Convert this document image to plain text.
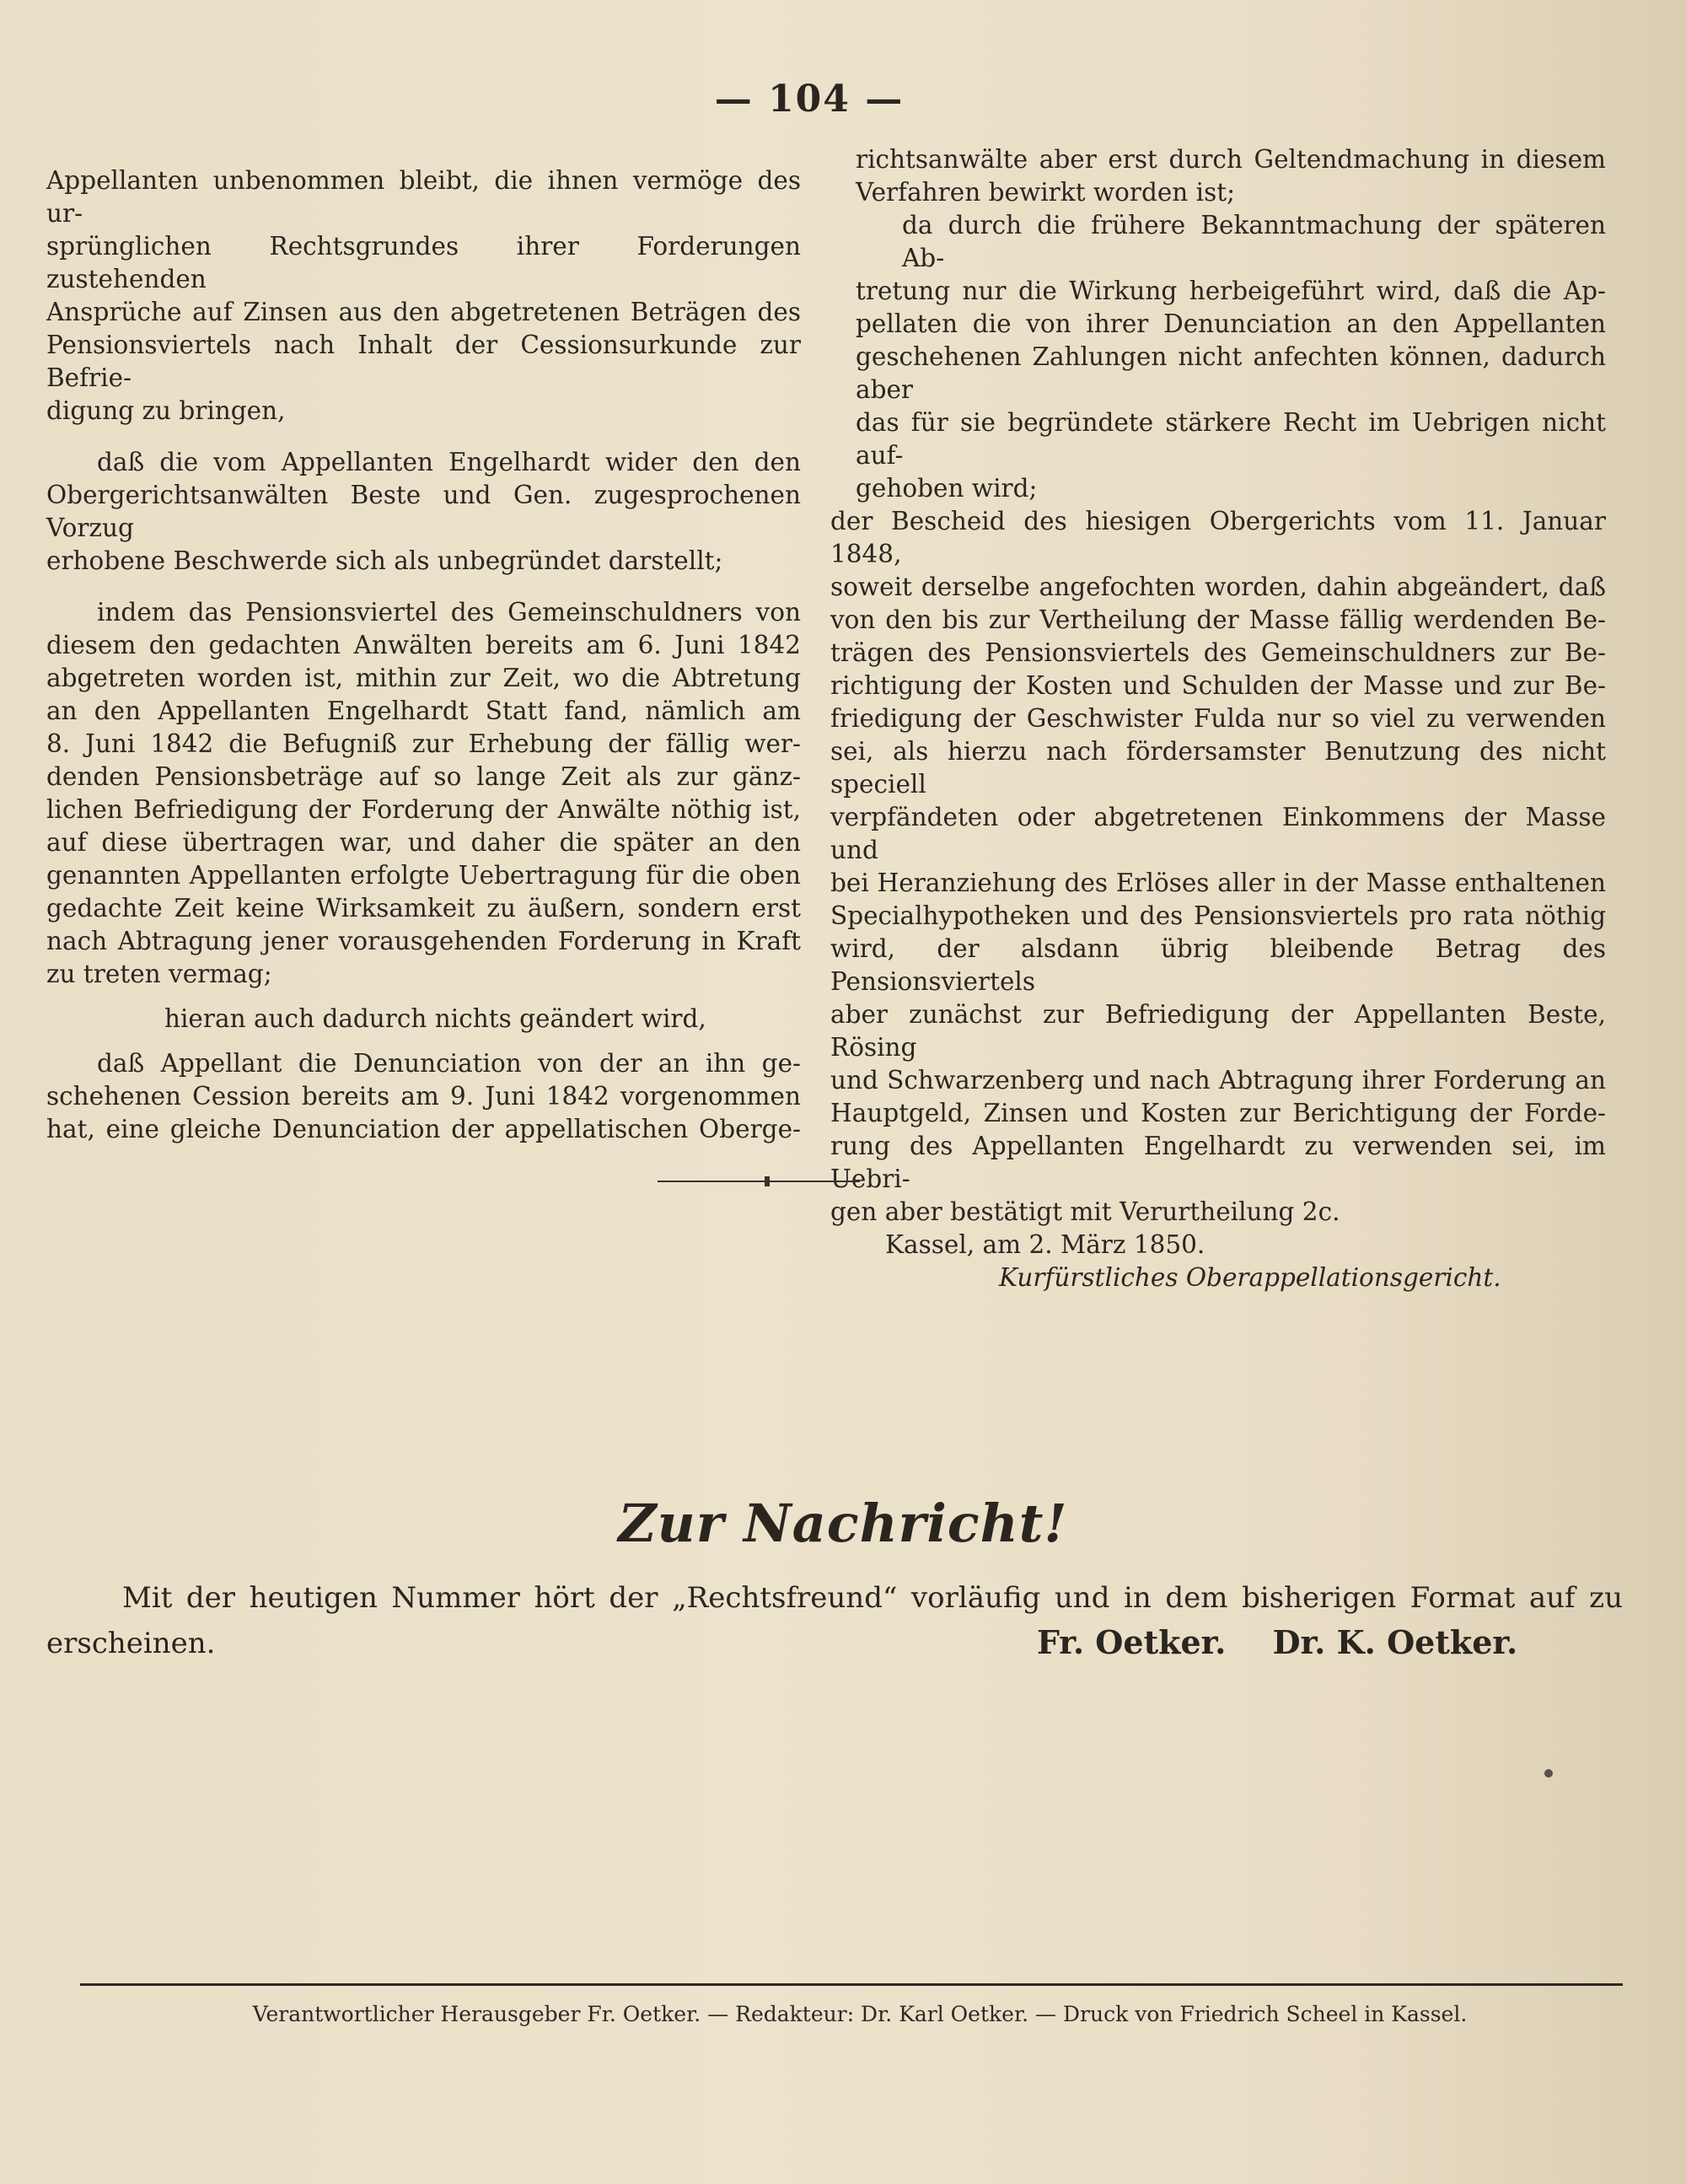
— 104 —

Appellanten unbenommen bleibt, die ihnen vermöge des ur-

sprünglichen Rechtsgrundes ihrer Forderungen zustehenden

Ansprüche auf Zinsen aus den abgetretenen Beträgen des

Pensionsviertels nach Inhalt der Cessionsurkunde zur Befrie-

digung zu bringen,

daß die vom Appellanten Engelhardt wider den den

Obergerichtsanwälten Beste und Gen. zugesprochenen Vorzug

erhobene Beschwerde sich als unbegründet darstellt;

indem das Pensionsviertel des Gemeinschuldners von

diesem den gedachten Anwälten bereits am 6. Juni 1842

abgetreten worden ist, mithin zur Zeit, wo die Abtretung

an den Appellanten Engelhardt Statt fand, nämlich am

8. Juni 1842 die Befugniß zur Erhebung der fällig wer-

denden Pensionsbeträge auf so lange Zeit als zur gänz-

lichen Befriedigung der Forderung der Anwälte nöthig ist,

auf diese übertragen war, und daher die später an den

genannten Appellanten erfolgte Uebertragung für die oben

gedachte Zeit keine Wirksamkeit zu äußern, sondern erst

nach Abtragung jener vorausgehenden Forderung in Kraft

zu treten vermag;

hieran auch dadurch nichts geändert wird,

daß Appellant die Denunciation von der an ihn ge-

schehenen Cession bereits am 9. Juni 1842 vorgenommen

hat, eine gleiche Denunciation der appellatischen Oberge-

richtsanwälte aber erst durch Geltendmachung in diesem

Verfahren bewirkt worden ist;

da durch die frühere Bekanntmachung der späteren Ab-

tretung nur die Wirkung herbeigeführt wird, daß die Ap-

pellaten die von ihrer Denunciation an den Appellanten

geschehenen Zahlungen nicht anfechten können, dadurch aber

das für sie begründete stärkere Recht im Uebrigen nicht auf-

gehoben wird;

der Bescheid des hiesigen Obergerichts vom 11. Januar 1848,

soweit derselbe angefochten worden, dahin abgeändert, daß

von den bis zur Vertheilung der Masse fällig werdenden Be-

trägen des Pensionsviertels des Gemeinschuldners zur Be-

richtigung der Kosten und Schulden der Masse und zur Be-

friedigung der Geschwister Fulda nur so viel zu verwenden

sei, als hierzu nach fördersamster Benutzung des nicht speciell

verpfändeten oder abgetretenen Einkommens der Masse und

bei Heranziehung des Erlöses aller in der Masse enthaltenen

Specialhypotheken und des Pensionsviertels pro rata nöthig

wird, der alsdann übrig bleibende Betrag des Pensionsviertels

aber zunächst zur Befriedigung der Appellanten Beste, Rösing

und Schwarzenberg und nach Abtragung ihrer Forderung an

Hauptgeld, Zinsen und Kosten zur Berichtigung der Forde-

rung des Appellanten Engelhardt zu verwenden sei, im Uebri-

gen aber bestätigt mit Verurtheilung 2c.

Kassel, am 2. März 1850.

Kurfürstliches Oberappellationsgericht.

Zur Nachricht!

Mit der heutigen Nummer hört der „Rechtsfreund“ vorläufig und in dem bisherigen Format auf zu

erscheinen.	Fr. Oetker. Dr. K. Oetker.
Verantwortlicher Herausgeber Fr. Oetker. — Redakteur: Dr. Karl Oetker. — Druck von Friedrich Scheel in Kassel.
